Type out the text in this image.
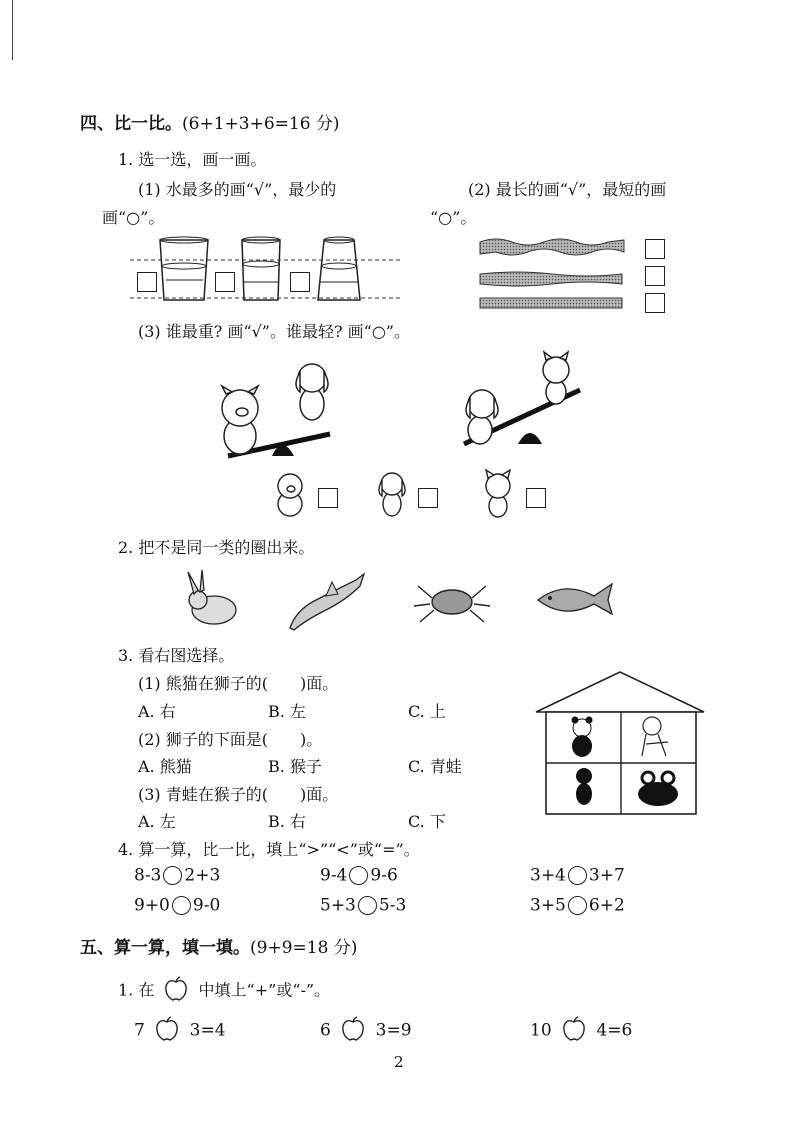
四、比一比。(6+1+3+6=16 分)
1. 选一选，画一画。
(1) 水最多的画“√”，最少的
画“○”。
(2) 最长的画“√”，最短的画
“○”。
(3) 谁最重? 画“√”。谁最轻? 画“○”。
2. 把不是同一类的圈出来。
3. 看右图选择。
(1) 熊猫在狮子的(　　)面。
A. 右	B. 左	C. 上
(2) 狮子的下面是(　　)。
A. 熊猫	B. 猴子	C. 青蛙
(3) 青蛙在猴子的(　　)面。
A. 左	B. 右	C. 下
4. 算一算，比一比，填上“>”“<”或“=”。
8-3 2+3	9-4 9-6	3+4 3+7
9+0 9-0	5+3 5-3	3+5 6+2
五、算一算，填一填。(9+9=18 分)
1. 在	中填上“+”或“-”。
7	3=4	6	3=9	10	4=6
2
